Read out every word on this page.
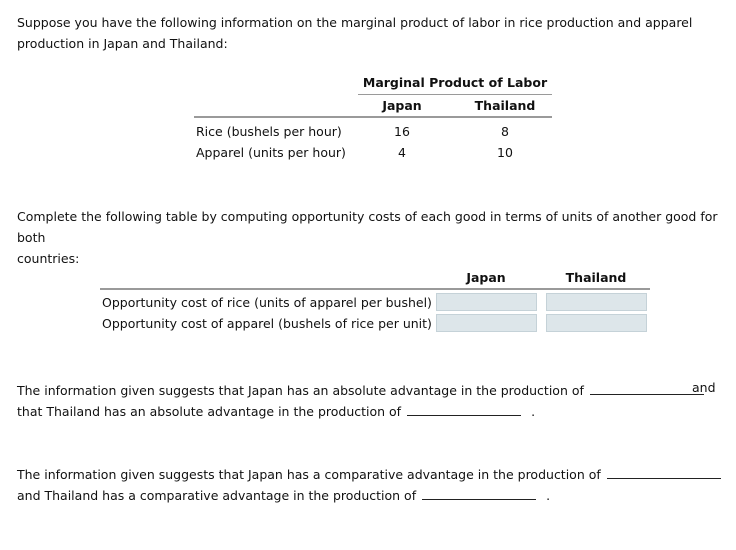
Suppose you have the following information on the marginal product of labor in rice production and apparel
production in Japan and Thailand:
Marginal Product of Labor
Japan	Thailand
Rice (bushels per hour)	16	8
Apparel (units per hour)	4	10
Complete the following table by computing opportunity costs of each good in terms of units of another good for both
countries:
Japan	Thailand
Opportunity cost of rice (units of apparel per bushel)
Opportunity cost of apparel (bushels of rice per unit)
The information given suggests that Japan has an absolute advantage in the production of	and
that Thailand has an absolute advantage in the production of	.
The information given suggests that Japan has a comparative advantage in the production of
and Thailand has a comparative advantage in the production of	.
